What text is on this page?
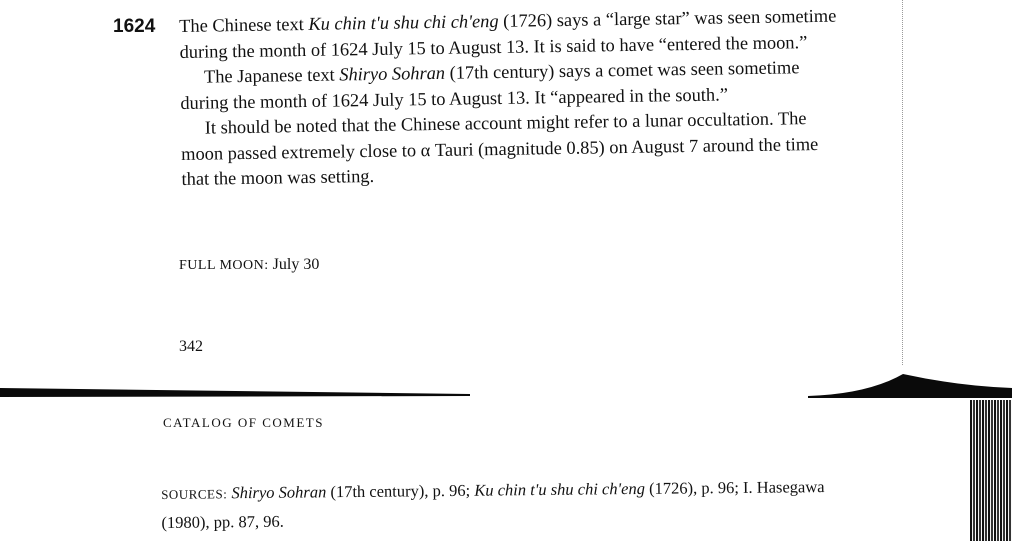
1624 The Chinese text Ku chin t'u shu chi ch'eng (1726) says a “large star” was seen sometime during the month of 1624 July 15 to August 13. It is said to have “entered the moon.”

The Japanese text Shiryo Sohran (17th century) says a comet was seen sometime during the month of 1624 July 15 to August 13. It “appeared in the south.”

It should be noted that the Chinese account might refer to a lunar occultation. The moon passed extremely close to α Tauri (magnitude 0.85) on August 7 around the time that the moon was setting.

FULL MOON: July 30
342
CATALOG OF COMETS
SOURCES: Shiryo Sohran (17th century), p. 96; Ku chin t'u shu chi ch'eng (1726), p. 96; I. Hasegawa (1980), pp. 87, 96.
